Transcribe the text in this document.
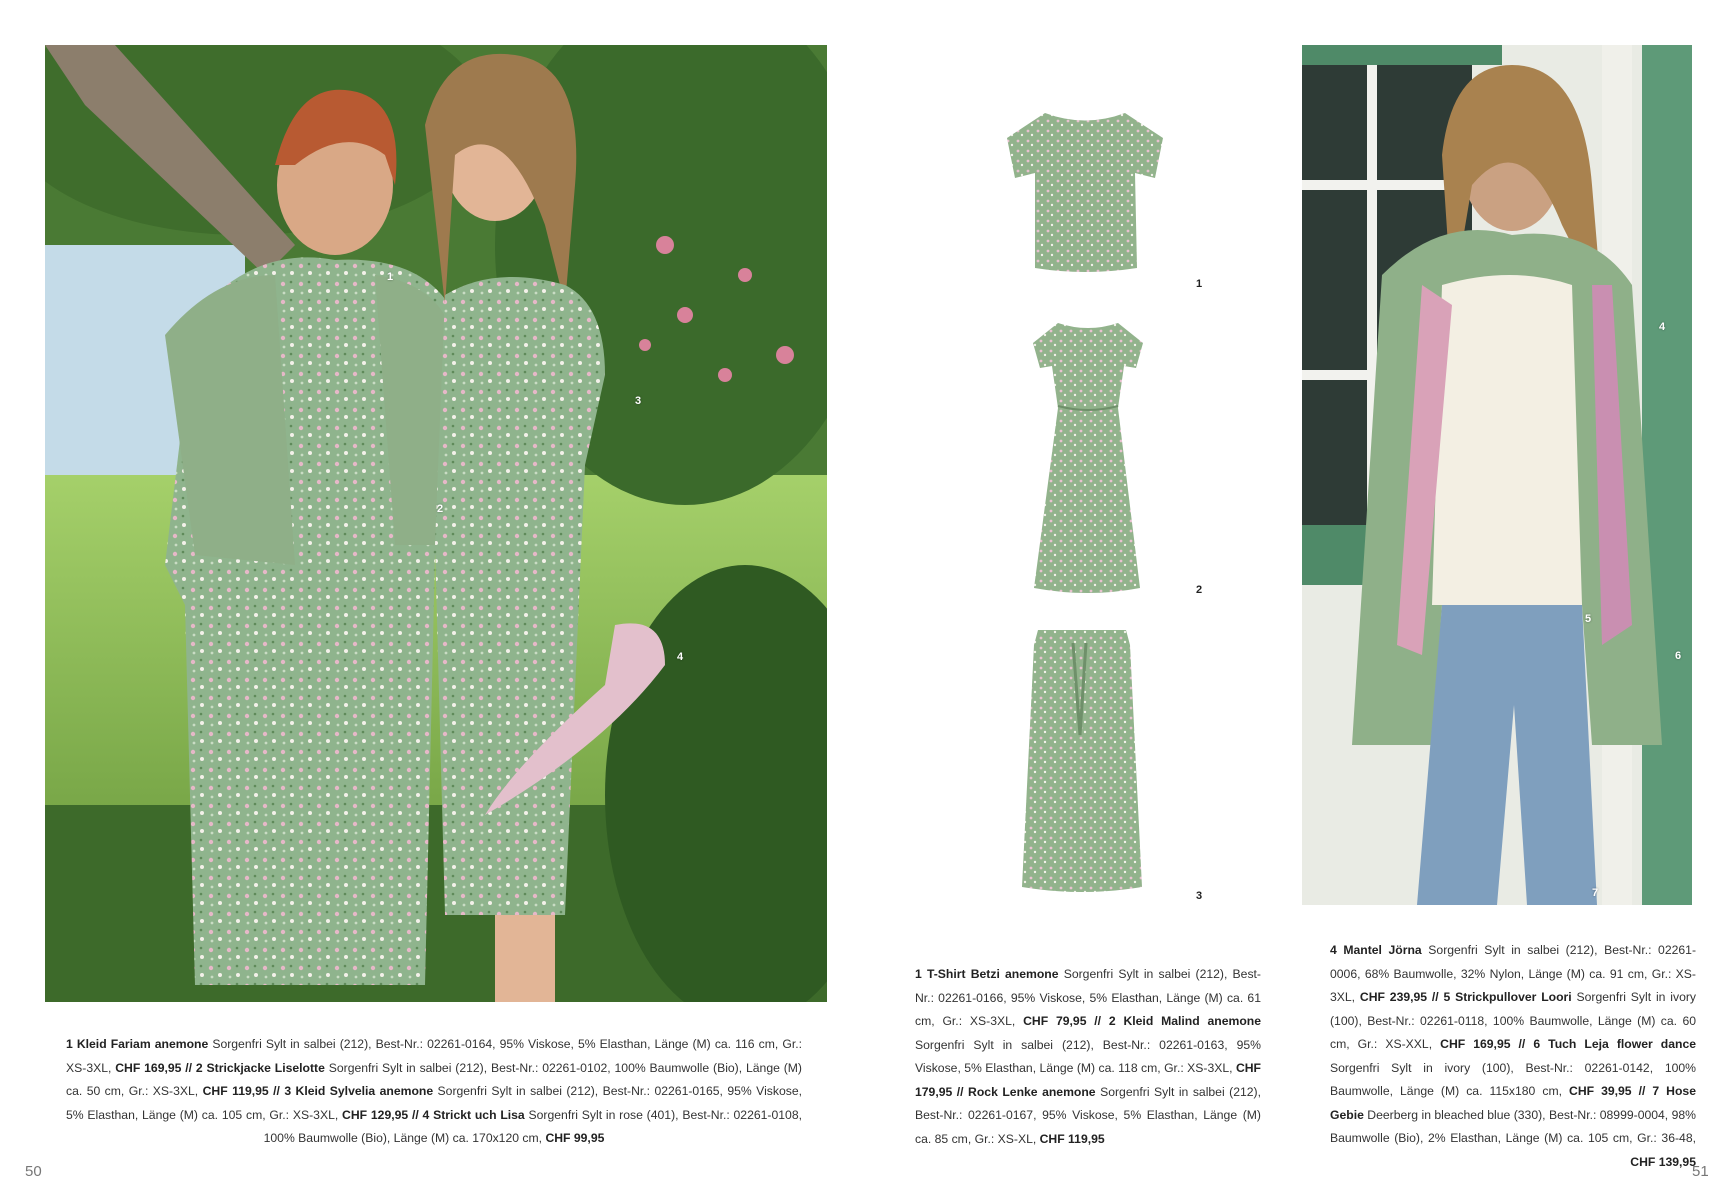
1
2
3
4
1
2
3
4
5
6
7
1 Kleid Fariam anemone Sorgenfri Sylt in salbei (212), Best-Nr.: 02261-0164, 95% Viskose, 5% Elasthan, Länge (M) ca. 116 cm, Gr.: XS-3XL, CHF 169,95 // 2 Strickjacke Liselotte Sorgenfri Sylt in salbei (212), Best-Nr.: 02261-0102, 100% Baumwolle (Bio), Länge (M) ca. 50 cm, Gr.: XS-3XL, CHF 119,95 // 3 Kleid Sylvelia anemone Sorgenfri Sylt in salbei (212), Best-Nr.: 02261-0165, 95% Viskose, 5% Elasthan, Länge (M) ca. 105 cm, Gr.: XS-3XL, CHF 129,95 // 4 Strickt uch Lisa Sorgenfri Sylt in rose (401), Best-Nr.: 02261-0108, 100% Baumwolle (Bio), Länge (M) ca. 170x120 cm, CHF 99,95
1 T-Shirt Betzi anemone Sorgenfri Sylt in salbei (212), Best-Nr.: 02261-0166, 95% Viskose, 5% Elasthan, Länge (M) ca. 61 cm, Gr.: XS-3XL, CHF 79,95 // 2 Kleid Malind anemone Sorgenfri Sylt in salbei (212), Best-Nr.: 02261-0163, 95% Viskose, 5% Elasthan, Länge (M) ca. 118 cm, Gr.: XS-3XL, CHF 179,95 // Rock Lenke anemone Sorgenfri Sylt in salbei (212), Best-Nr.: 02261-0167, 95% Viskose, 5% Elasthan, Länge (M) ca. 85 cm, Gr.: XS-XL, CHF 119,95
4 Mantel Jörna Sorgenfri Sylt in salbei (212), Best-Nr.: 02261-0006, 68% Baumwolle, 32% Nylon, Länge (M) ca. 91 cm, Gr.: XS-3XL, CHF 239,95 // 5 Strickpullover Loori Sorgenfri Sylt in ivory (100), Best-Nr.: 02261-0118, 100% Baumwolle, Länge (M) ca. 60 cm, Gr.: XS-XXL, CHF 169,95 // 6 Tuch Leja flower dance Sorgenfri Sylt in ivory (100), Best-Nr.: 02261-0142, 100% Baumwolle, Länge (M) ca. 115x180 cm, CHF 39,95 // 7 Hose Gebie Deerberg in bleached blue (330), Best-Nr.: 08999-0004, 98% Baumwolle (Bio), 2% Elasthan, Länge (M) ca. 105 cm, Gr.: 36-48, CHF 139,95
50	51
